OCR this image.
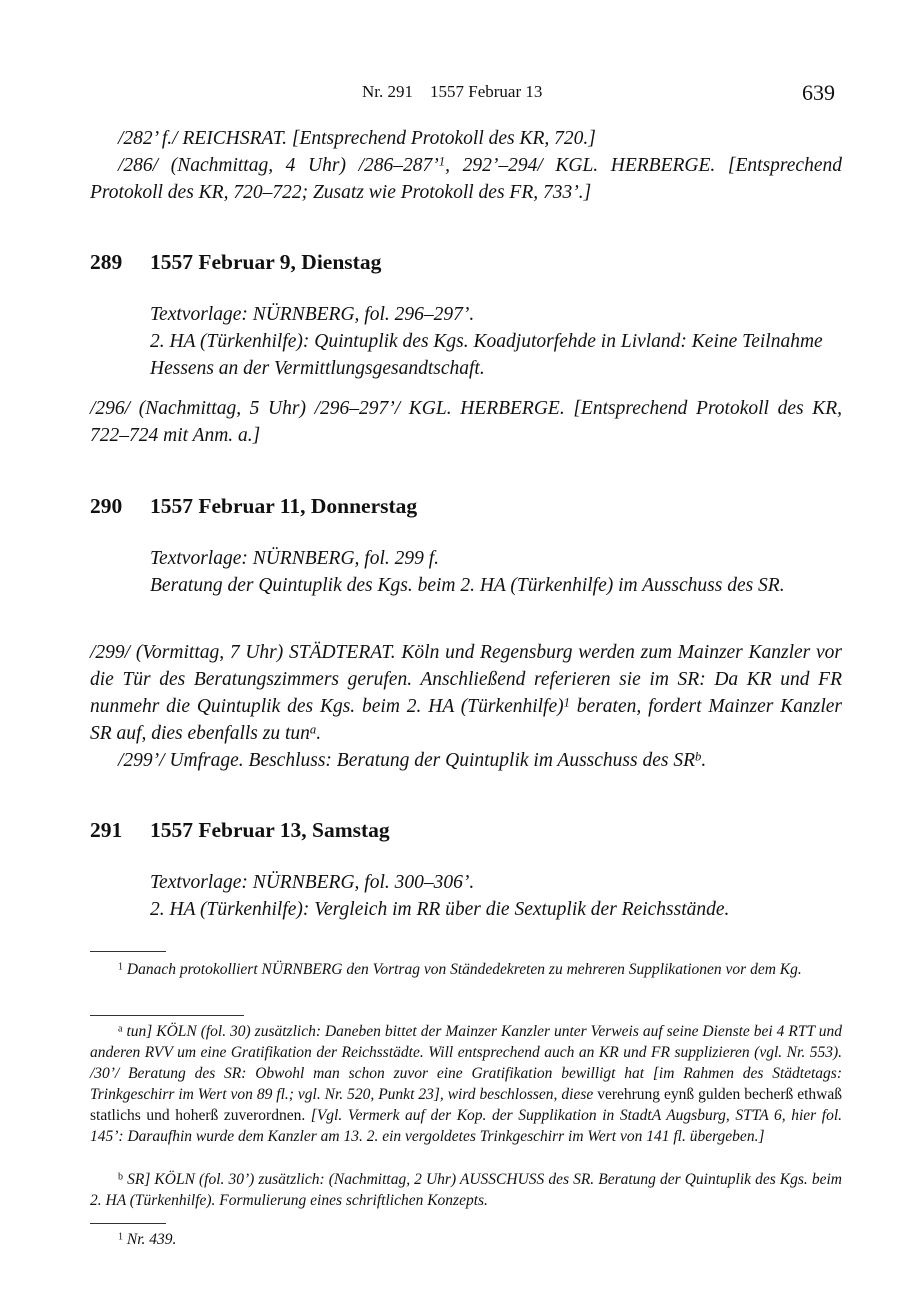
Nr. 291    1557 Februar 13	639
/282’ f./ REICHSRAT. [Entsprechend Protokoll des KR, 720.]
/286/ (Nachmittag, 4 Uhr) /286–287’$^1$, 292’–294/ KGL. HERBERGE. [Entsprechend Protokoll des KR, 720–722; Zusatz wie Protokoll des FR, 733’.]
289 1557 Februar 9, Dienstag
Textvorlage: NÜRNBERG, fol. 296–297’.
2. HA (Türkenhilfe): Quintuplik des Kgs. Koadjutorfehde in Livland: Keine Teilnahme Hessens an der Vermittlungsgesandtschaft.
/296/ (Nachmittag, 5 Uhr) /296–297’/ KGL. HERBERGE. [Entsprechend Protokoll des KR, 722–724 mit Anm. a.]
290 1557 Februar 11, Donnerstag
Textvorlage: NÜRNBERG, fol. 299 f.
Beratung der Quintuplik des Kgs. beim 2. HA (Türkenhilfe) im Ausschuss des SR.
/299/ (Vormittag, 7 Uhr) STÄDTERAT. Köln und Regensburg werden zum Mainzer Kanzler vor die Tür des Beratungszimmers gerufen. Anschließend referieren sie im SR: Da KR und FR nunmehr die Quintuplik des Kgs. beim 2. HA (Türkenhilfe)$^1$ beraten, fordert Mainzer Kanzler SR auf, dies ebenfalls zu tun$^a$.
/299’/ Umfrage. Beschluss: Beratung der Quintuplik im Ausschuss des $SR^b$.
291 1557 Februar 13, Samstag
Textvorlage: NÜRNBERG, fol. 300–306’.
2. HA (Türkenhilfe): Vergleich im RR über die Sextuplik der Reichsstände.
$^1$ Danach protokolliert NÜRNBERG den Vortrag von Ständedekreten zu mehreren Supplikationen vor dem Kg.
$^a$ tun] KÖLN (fol. 30) zusätzlich: Daneben bittet der Mainzer Kanzler unter Verweis auf seine Dienste bei 4 RTT und anderen RVV um eine Gratifikation der Reichsstädte. Will entsprechend auch an KR und FR supplizieren (vgl. Nr. 553). /30’/ Beratung des SR: Obwohl man schon zuvor eine Gratifikation bewilligt hat [im Rahmen des Städtetags: Trinkgeschirr im Wert von 89 fl.; vgl. Nr. 520, Punkt 23], wird beschlossen, diese verehrung eynß gulden becherß ethwaß statlichs und hoherß zuverordnen. [Vgl. Vermerk auf der Kop. der Supplikation in StadtA Augsburg, STTA 6, hier fol. 145’: Daraufhin wurde dem Kanzler am 13. 2. ein vergoldetes Trinkgeschirr im Wert von 141 fl. übergeben.]
$^b$ SR] KÖLN (fol. 30’) zusätzlich: (Nachmittag, 2 Uhr) AUSSCHUSS des SR. Beratung der Quintuplik des Kgs. beim 2. HA (Türkenhilfe). Formulierung eines schriftlichen Konzepts.
$^1$ Nr. 439.
